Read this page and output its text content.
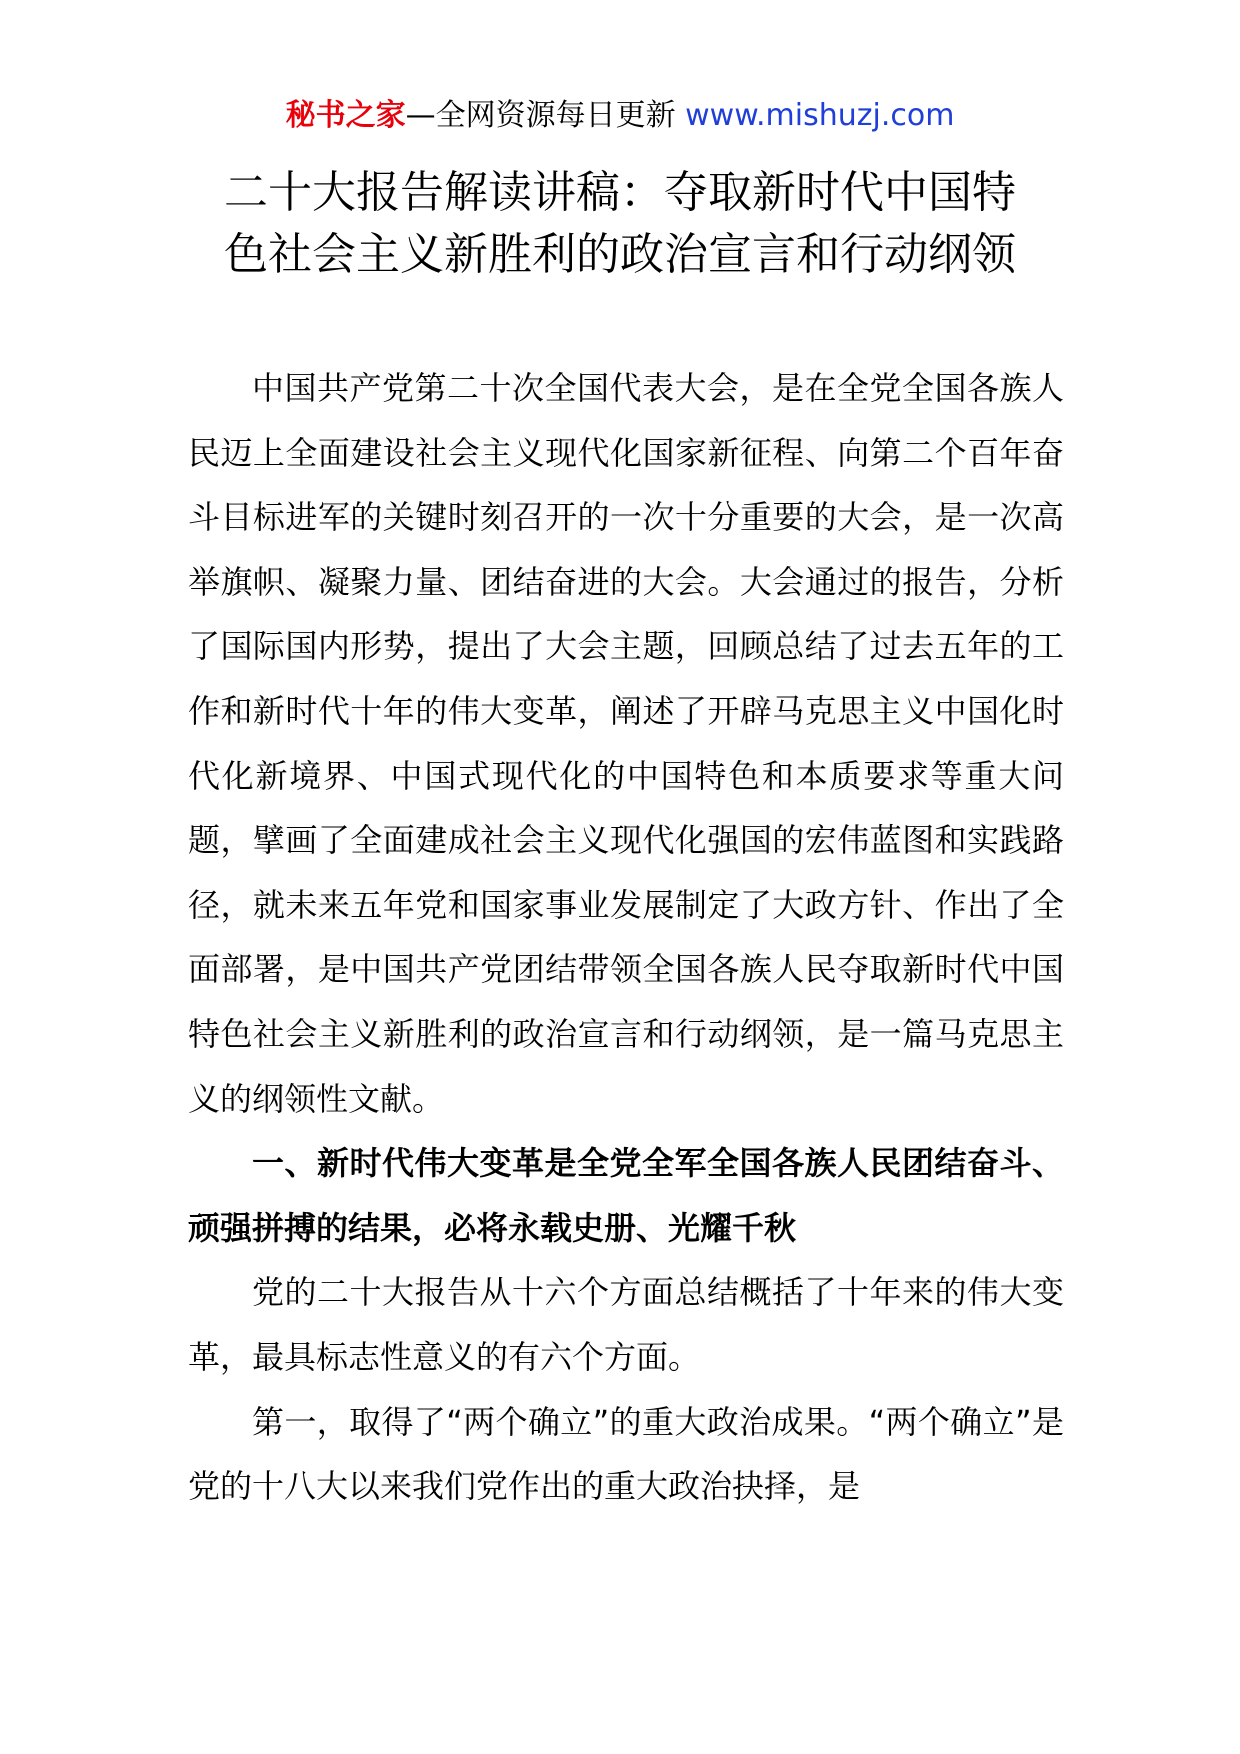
秘书之家—全网资源每日更新 www.mishuzj.com
二十大报告解读讲稿：夺取新时代中国特
色社会主义新胜利的政治宣言和行动纲领

中国共产党第二十次全国代表大会，是在全党全国各族人民迈上全面建设社会主义现代化国家新征程、向第二个百年奋斗目标进军的关键时刻召开的一次十分重要的大会，是一次高举旗帜、凝聚力量、团结奋进的大会。大会通过的报告，分析了国际国内形势，提出了大会主题，回顾总结了过去五年的工作和新时代十年的伟大变革，阐述了开辟马克思主义中国化时代化新境界、中国式现代化的中国特色和本质要求等重大问题，擘画了全面建成社会主义现代化强国的宏伟蓝图和实践路径，就未来五年党和国家事业发展制定了大政方针、作出了全面部署，是中国共产党团结带领全国各族人民夺取新时代中国特色社会主义新胜利的政治宣言和行动纲领，是一篇马克思主义的纲领性文献。

一、新时代伟大变革是全党全军全国各族人民团结奋斗、顽强拼搏的结果，必将永载史册、光耀千秋

党的二十大报告从十六个方面总结概括了十年来的伟大变革，最具标志性意义的有六个方面。

第一，取得了“两个确立”的重大政治成果。“两个确立”是党的十八大以来我们党作出的重大政治抉择，是
